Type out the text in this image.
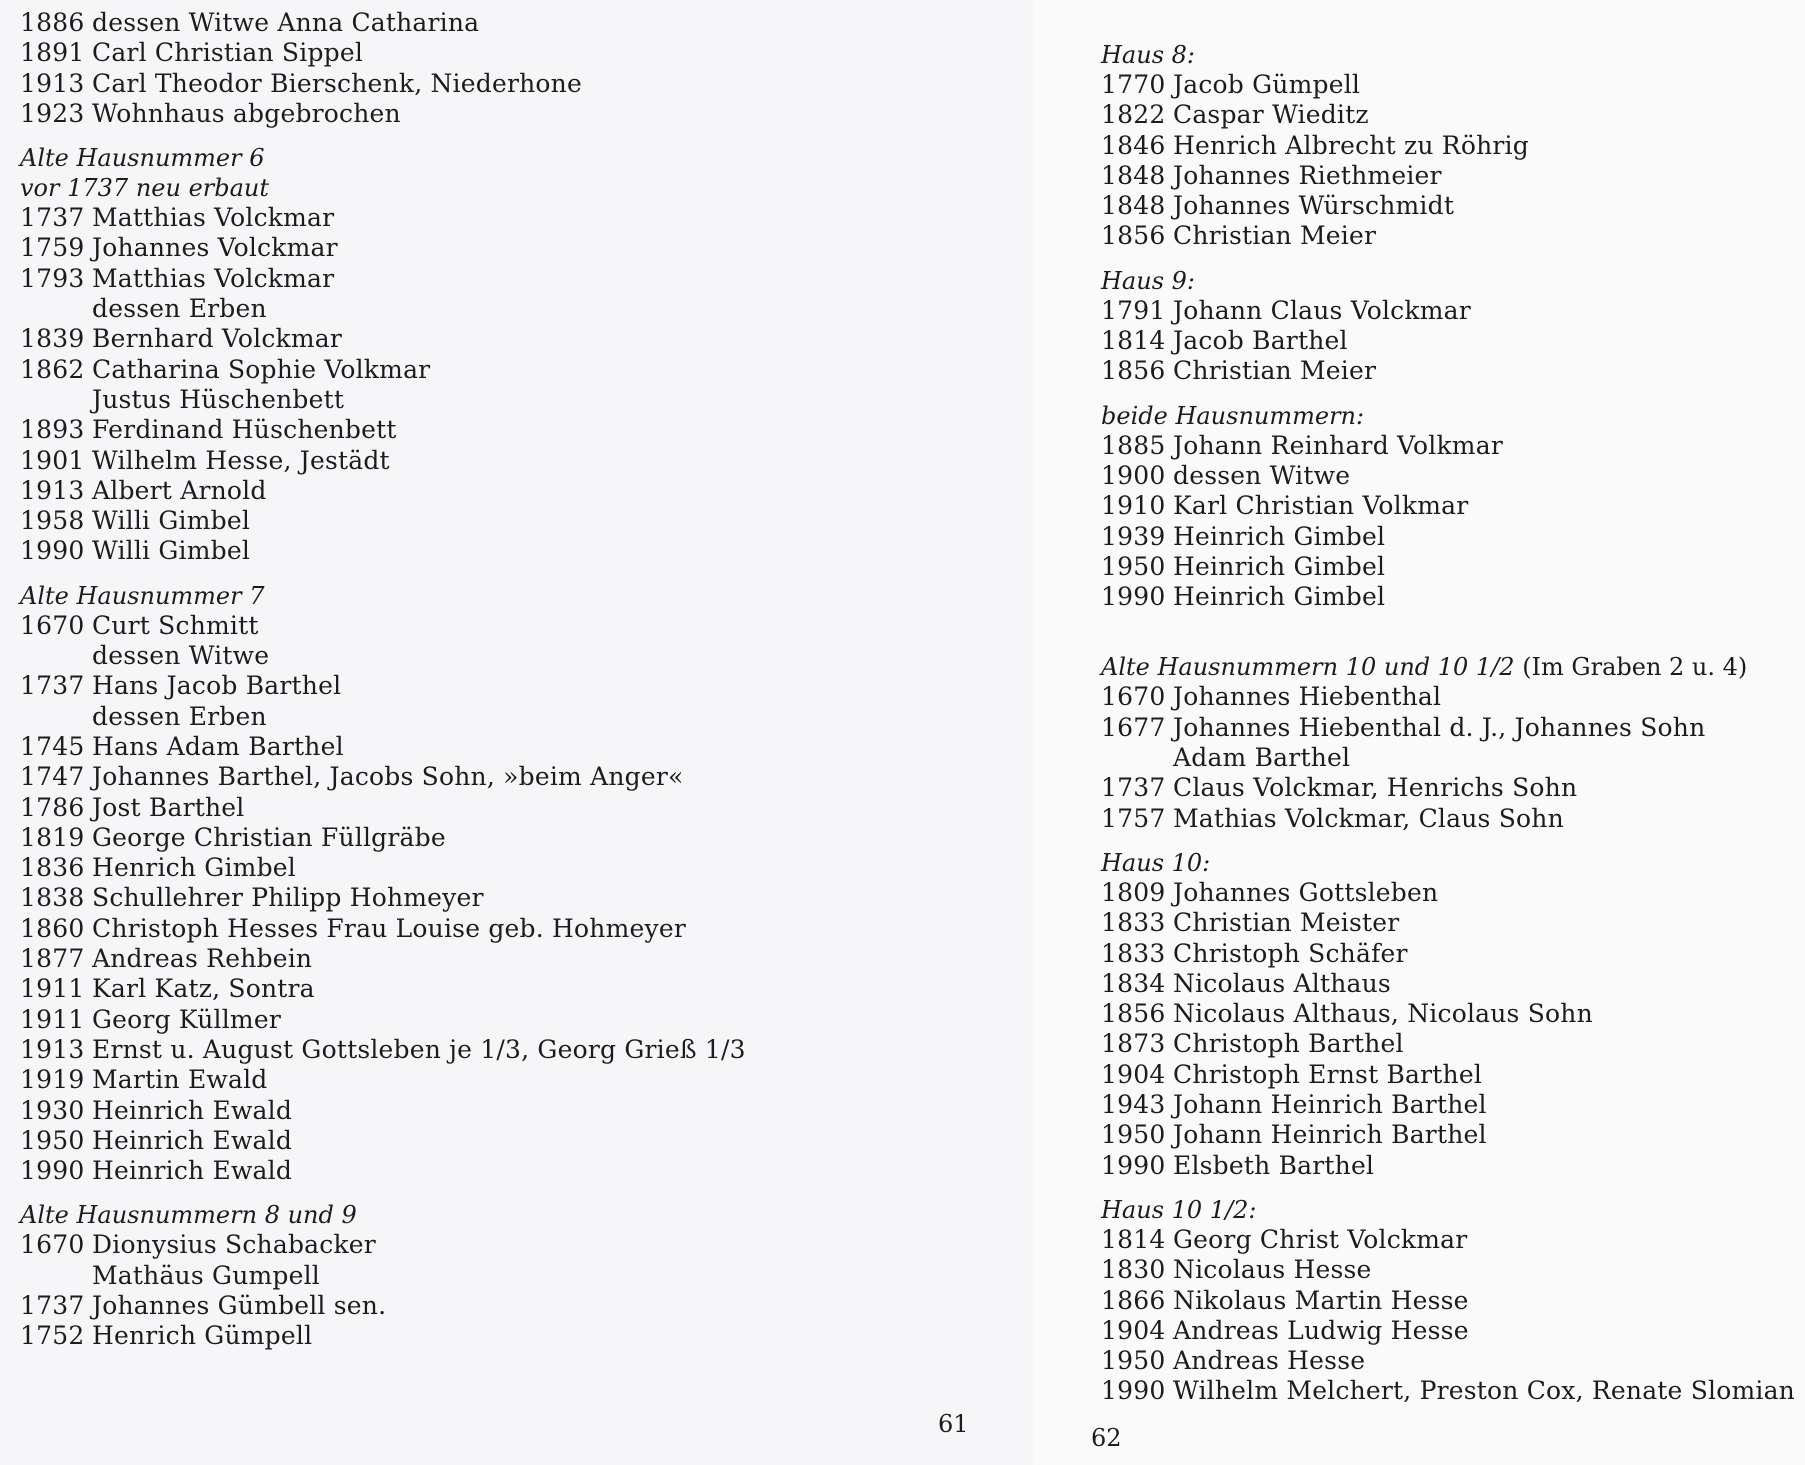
1886 dessen Witwe Anna Catharina
1891 Carl Christian Sippel
1913 Carl Theodor Bierschenk, Niederhone
1923 Wohnhaus abgebrochen
Alte Hausnummer 6
vor 1737 neu erbaut
1737 Matthias Volckmar
1759 Johannes Volckmar
1793 Matthias Volckmar
dessen Erben
1839 Bernhard Volckmar
1862 Catharina Sophie Volkmar
Justus Hüschenbett
1893 Ferdinand Hüschenbett
1901 Wilhelm Hesse, Jestädt
1913 Albert Arnold
1958 Willi Gimbel
1990 Willi Gimbel
Alte Hausnummer 7
1670 Curt Schmitt
dessen Witwe
1737 Hans Jacob Barthel
dessen Erben
1745 Hans Adam Barthel
1747 Johannes Barthel, Jacobs Sohn, »beim Anger«
1786 Jost Barthel
1819 George Christian Füllgräbe
1836 Henrich Gimbel
1838 Schullehrer Philipp Hohmeyer
1860 Christoph Hesses Frau Louise geb. Hohmeyer
1877 Andreas Rehbein
1911 Karl Katz, Sontra
1911 Georg Küllmer
1913 Ernst u. August Gottsleben je 1/3, Georg Grieß 1/3
1919 Martin Ewald
1930 Heinrich Ewald
1950 Heinrich Ewald
1990 Heinrich Ewald
Alte Hausnummern 8 und 9
1670 Dionysius Schabacker
Mathäus Gumpell
1737 Johannes Gümbell sen.
1752 Henrich Gümpell
61
Haus 8:
1770 Jacob Gümpell
1822 Caspar Wieditz
1846 Henrich Albrecht zu Röhrig
1848 Johannes Riethmeier
1848 Johannes Würschmidt
1856 Christian Meier
Haus 9:
1791 Johann Claus Volckmar
1814 Jacob Barthel
1856 Christian Meier
beide Hausnummern:
1885 Johann Reinhard Volkmar
1900 dessen Witwe
1910 Karl Christian Volkmar
1939 Heinrich Gimbel
1950 Heinrich Gimbel
1990 Heinrich Gimbel
Alte Hausnummern 10 und 10 1/2 (Im Graben 2 u. 4)
1670 Johannes Hiebenthal
1677 Johannes Hiebenthal d. J., Johannes Sohn
Adam Barthel
1737 Claus Volckmar, Henrichs Sohn
1757 Mathias Volckmar, Claus Sohn
Haus 10:
1809 Johannes Gottsleben
1833 Christian Meister
1833 Christoph Schäfer
1834 Nicolaus Althaus
1856 Nicolaus Althaus, Nicolaus Sohn
1873 Christoph Barthel
1904 Christoph Ernst Barthel
1943 Johann Heinrich Barthel
1950 Johann Heinrich Barthel
1990 Elsbeth Barthel
Haus 10 1/2:
1814 Georg Christ Volckmar
1830 Nicolaus Hesse
1866 Nikolaus Martin Hesse
1904 Andreas Ludwig Hesse
1950 Andreas Hesse
1990 Wilhelm Melchert, Preston Cox, Renate Slomian
62
